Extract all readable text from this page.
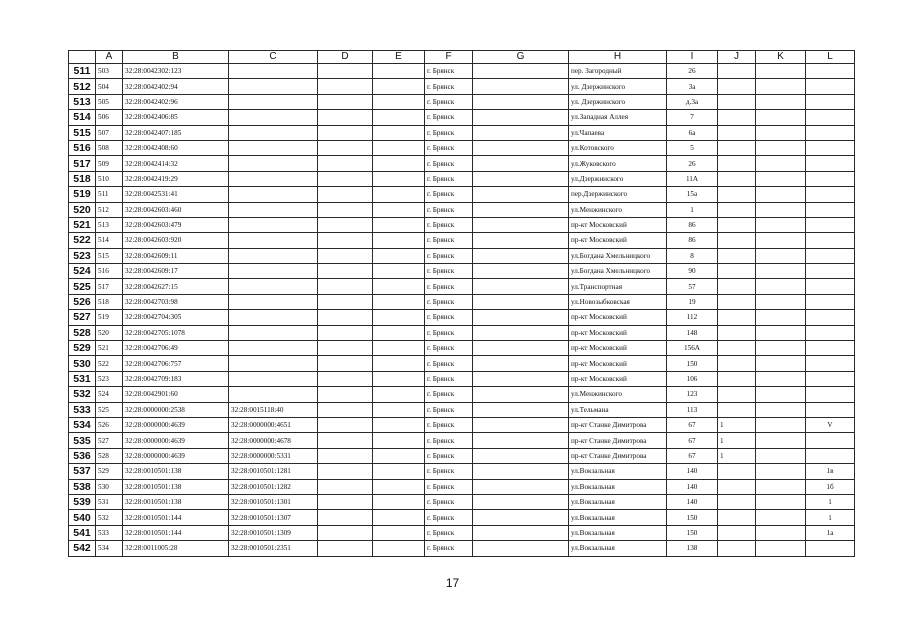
	A	B	C	D	E	F	G	H	I	J	K	L
511	503	32:28:0042302:123				г. Брянск		пер. Загородный	26			
512	504	32:28:0042402:94				г. Брянск		ул. Дзержинского	3а			
513	505	32:28:0042402:96				г. Брянск		ул. Дзержинского	д.3а			
514	506	32:28:0042406:85				г. Брянск		ул.Западная Аллея	7			
515	507	32:28:0042407:185				г. Брянск		ул.Чапаева	6а			
516	508	32:28:0042408:60				г. Брянск		ул.Котовского	5			
517	509	32:28:0042414:32				г. Брянск		ул.Жуковского	26			
518	510	32:28:0042419:29				г. Брянск		ул.Дзержинского	11А			
519	511	32:28:0042531:41				г. Брянск		пер.Дзержинского	15а			
520	512	32:28:0042603:460				г. Брянск		ул.Менжинского	1			
521	513	32:28:0042603:479				г. Брянск		пр-кт Московский	86			
522	514	32:28:0042603:920				г. Брянск		пр-кт Московский	86			
523	515	32:28:0042609:11				г. Брянск		ул.Богдана Хмельницкого	8			
524	516	32:28:0042609:17				г. Брянск		ул.Богдана Хмельницкого	90			
525	517	32:28:0042627:15				г. Брянск		ул.Транспортная	57			
526	518	32:28:0042703:98				г. Брянск		ул.Новозыбковская	19			
527	519	32:28:0042704:305				г. Брянск		пр-кт Московский	112			
528	520	32:28:0042705:1078				г. Брянск		пр-кт Московский	148			
529	521	32:28:0042706:49				г. Брянск		пр-кт Московский	156А			
530	522	32:28:0042706:757				г. Брянск		пр-кт Московский	150			
531	523	32:28:0042709:183				г. Брянск		пр-кт Московский	106			
532	524	32:28:0042901:60				г. Брянск		ул.Менжинского	123			
533	525	32:28:0000000:2538	32:28:0015118:40			г. Брянск		ул.Тельмана	113			
534	526	32:28:0000000:4639	32:28:0000000:4651			г. Брянск		пр-кт Станке Димитрова	67	1		V
535	527	32:28:0000000:4639	32:28:0000000:4678			г. Брянск		пр-кт Станке Димитрова	67	1		
536	528	32:28:0000000:4639	32:28:0000000:5331			г. Брянск		пр-кт Станке Димитрова	67	1		
537	529	32:28:0010501:138	32:28:0010501:1281			г. Брянск		ул.Вокзальная	140			1в
538	530	32:28:0010501:138	32:28:0010501:1282			г. Брянск		ул.Вокзальная	140			1б
539	531	32:28:0010501:138	32:28:0010501:1301			г. Брянск		ул.Вокзальная	140			1
540	532	32:28:0010501:144	32:28:0010501:1307			г. Брянск		ул.Вокзальная	150			1
541	533	32:28:0010501:144	32:28:0010501:1309			г. Брянск		ул.Вокзальная	150			1а
542	534	32:28:0011005:28	32:28:0010501:2351			г. Брянск		ул.Вокзальная	138			
17
